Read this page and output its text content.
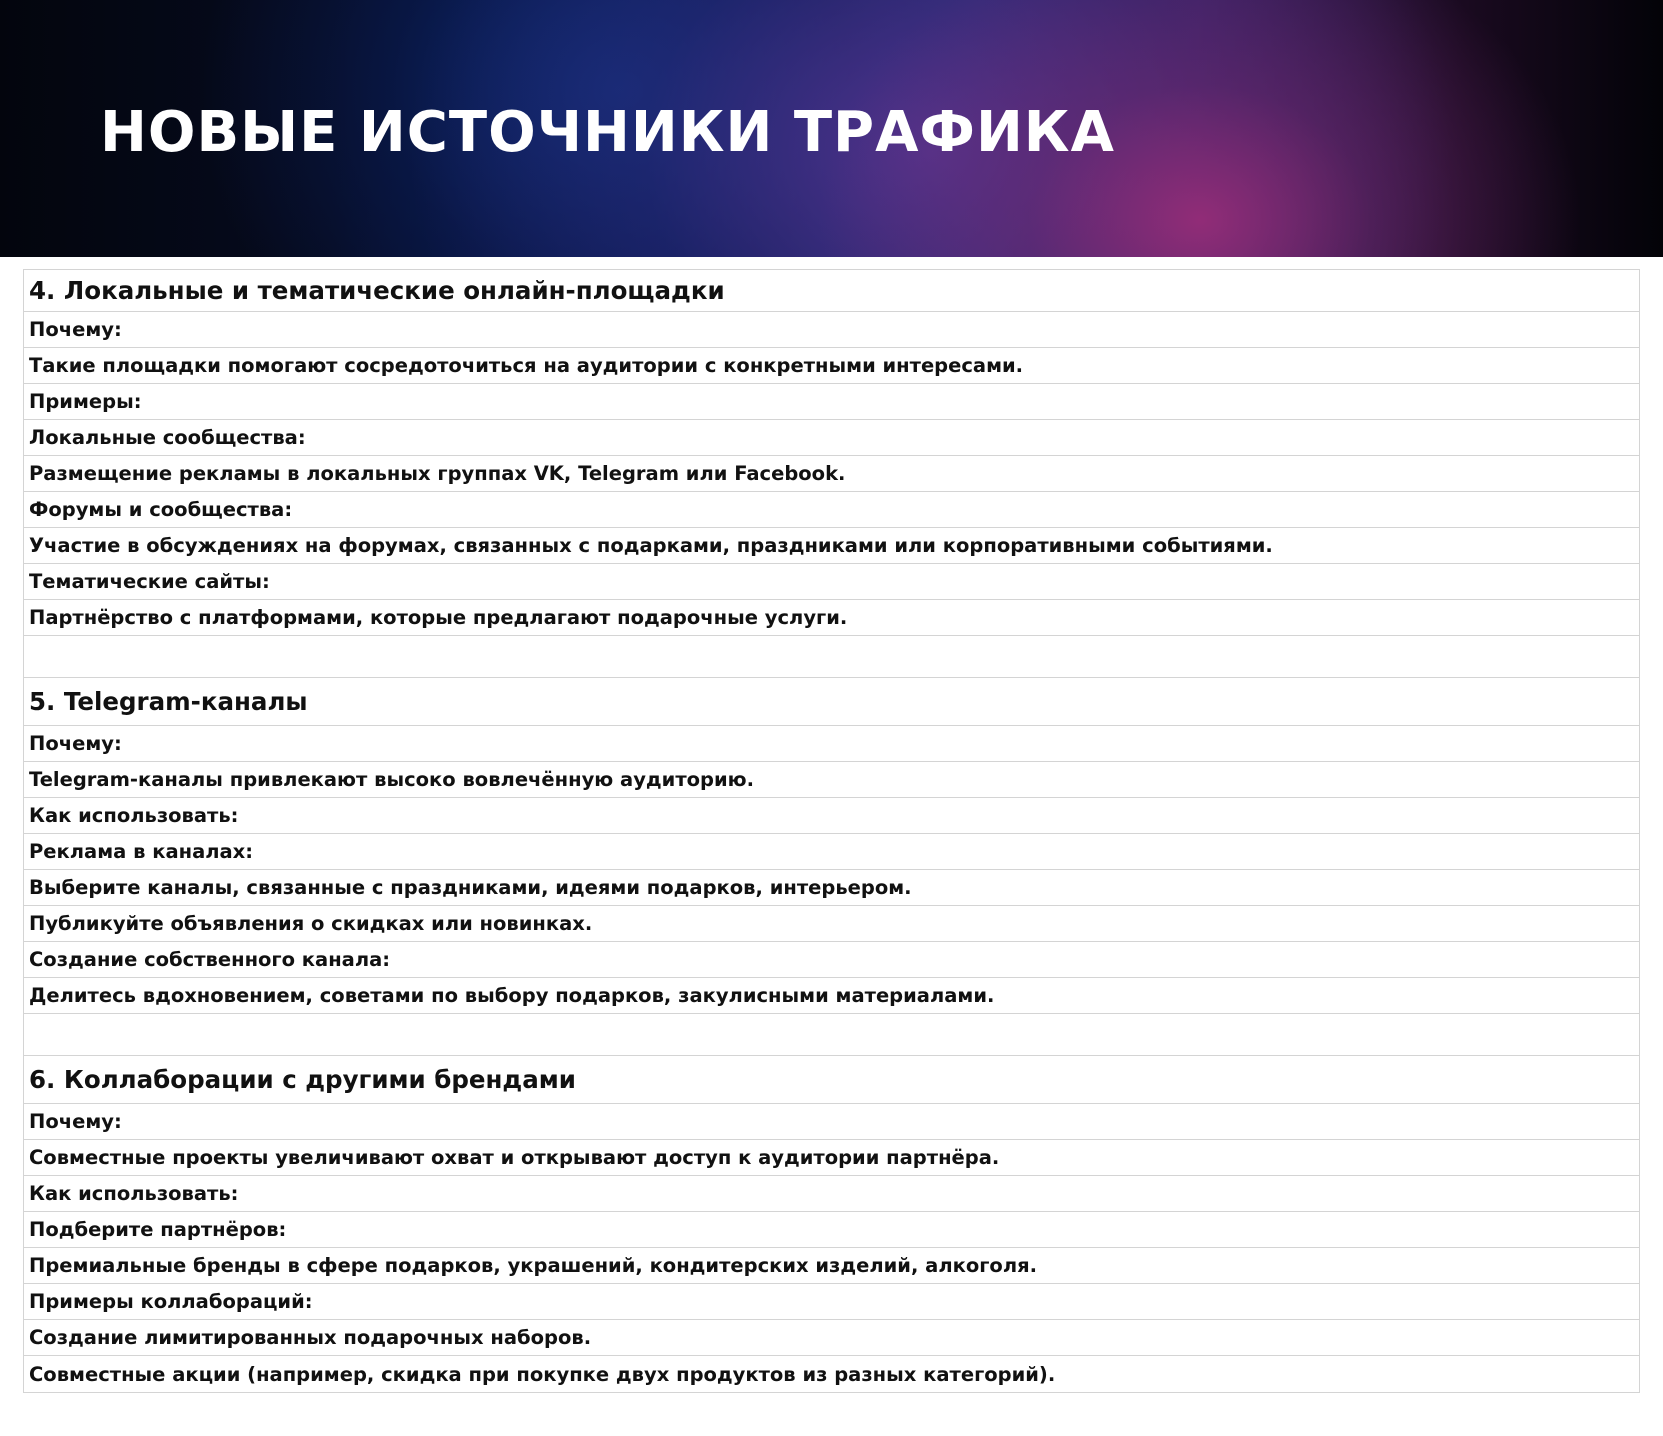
НОВЫЕ ИСТОЧНИКИ ТРАФИКА
4. Локальные и тематические онлайн-площадки
Почему:
Такие площадки помогают сосредоточиться на аудитории с конкретными интересами.
Примеры:
Локальные сообщества:
Размещение рекламы в локальных группах VK, Telegram или Facebook.
Форумы и сообщества:
Участие в обсуждениях на форумах, связанных с подарками, праздниками или корпоративными событиями.
Тематические сайты:
Партнёрство с платформами, которые предлагают подарочные услуги.
5. Telegram-каналы
Почему:
Telegram-каналы привлекают высоко вовлечённую аудиторию.
Как использовать:
Реклама в каналах:
Выберите каналы, связанные с праздниками, идеями подарков, интерьером.
Публикуйте объявления о скидках или новинках.
Создание собственного канала:
Делитесь вдохновением, советами по выбору подарков, закулисными материалами.
6. Коллаборации с другими брендами
Почему:
Совместные проекты увеличивают охват и открывают доступ к аудитории партнёра.
Как использовать:
Подберите партнёров:
Премиальные бренды в сфере подарков, украшений, кондитерских изделий, алкоголя.
Примеры коллабораций:
Создание лимитированных подарочных наборов.
Совместные акции (например, скидка при покупке двух продуктов из разных категорий).
